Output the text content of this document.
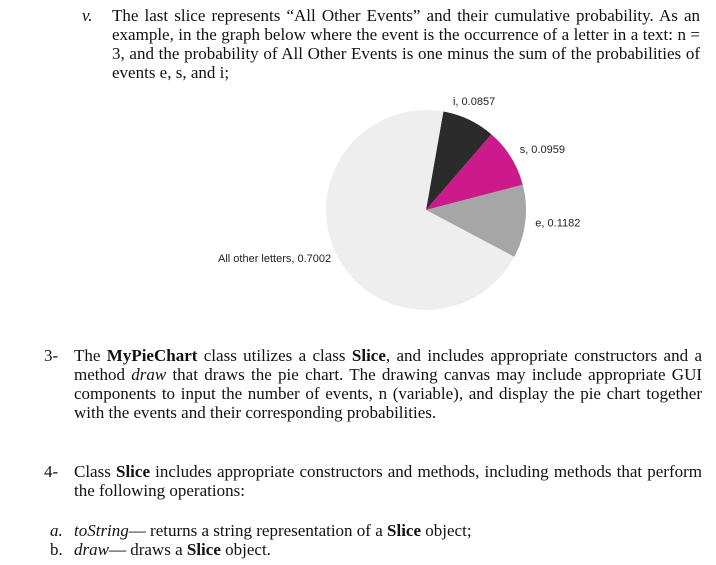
v. The last slice represents “All Other Events” and their cumulative probability. As an example, in the graph below where the event is the occurrence of a letter in a text: n = 3, and the probability of All Other Events is one minus the sum of the probabilities of events e, s, and i;
i, 0.0857
s, 0.0959
e, 0.1182
All other letters, 0.7002
3- The MyPieChart class utilizes a class Slice, and includes appropriate constructors and a method draw that draws the pie chart. The drawing canvas may include appropriate GUI components to input the number of events, n (variable), and display the pie chart together with the events and their corresponding probabilities.
4- Class Slice includes appropriate constructors and methods, including methods that perform the following operations:
a. toString— returns a string representation of a Slice object;
b. draw— draws a Slice object.
